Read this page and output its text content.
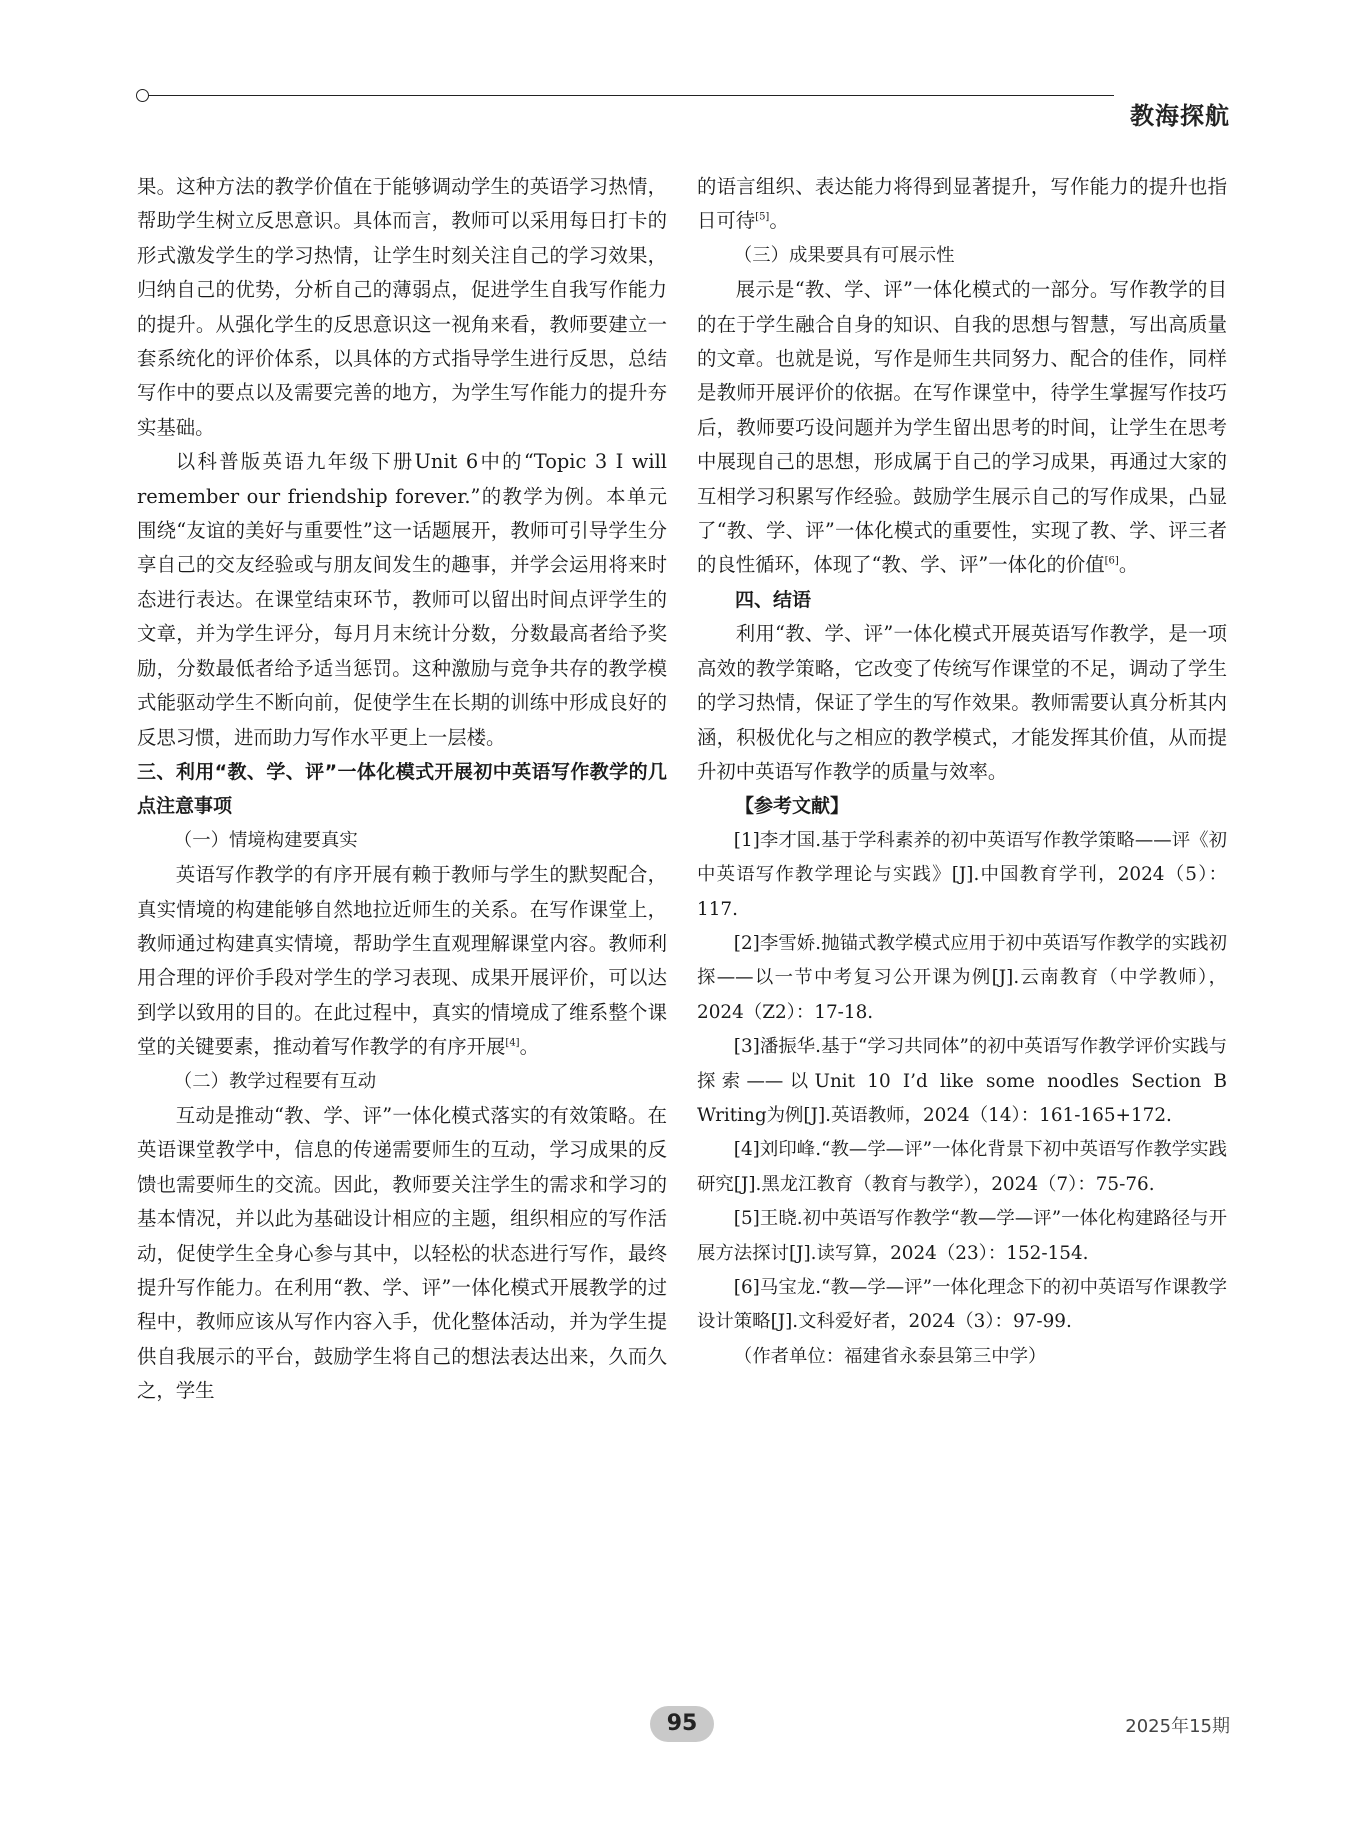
教海探航

果。这种方法的教学价值在于能够调动学生的英语学习热情，帮助学生树立反思意识。具体而言，教师可以采用每日打卡的形式激发学生的学习热情，让学生时刻关注自己的学习效果，归纳自己的优势，分析自己的薄弱点，促进学生自我写作能力的提升。从强化学生的反思意识这一视角来看，教师要建立一套系统化的评价体系，以具体的方式指导学生进行反思，总结写作中的要点以及需要完善的地方，为学生写作能力的提升夯实基础。

以科普版英语九年级下册Unit 6中的“Topic 3 I will remember our friendship forever.”的教学为例。本单元围绕“友谊的美好与重要性”这一话题展开，教师可引导学生分享自己的交友经验或与朋友间发生的趣事，并学会运用将来时态进行表达。在课堂结束环节，教师可以留出时间点评学生的文章，并为学生评分，每月月末统计分数，分数最高者给予奖励，分数最低者给予适当惩罚。这种激励与竞争共存的教学模式能驱动学生不断向前，促使学生在长期的训练中形成良好的反思习惯，进而助力写作水平更上一层楼。

三、利用“教、学、评”一体化模式开展初中英语写作教学的几点注意事项

（一）情境构建要真实

英语写作教学的有序开展有赖于教师与学生的默契配合，真实情境的构建能够自然地拉近师生的关系。在写作课堂上，教师通过构建真实情境，帮助学生直观理解课堂内容。教师利用合理的评价手段对学生的学习表现、成果开展评价，可以达到学以致用的目的。在此过程中，真实的情境成了维系整个课堂的关键要素，推动着写作教学的有序开展[4]。

（二）教学过程要有互动

互动是推动“教、学、评”一体化模式落实的有效策略。在英语课堂教学中，信息的传递需要师生的互动，学习成果的反馈也需要师生的交流。因此，教师要关注学生的需求和学习的基本情况，并以此为基础设计相应的主题，组织相应的写作活动，促使学生全身心参与其中，以轻松的状态进行写作，最终提升写作能力。在利用“教、学、评”一体化模式开展教学的过程中，教师应该从写作内容入手，优化整体活动，并为学生提供自我展示的平台，鼓励学生将自己的想法表达出来，久而久之，学生

的语言组织、表达能力将得到显著提升，写作能力的提升也指日可待[5]。

（三）成果要具有可展示性

展示是“教、学、评”一体化模式的一部分。写作教学的目的在于学生融合自身的知识、自我的思想与智慧，写出高质量的文章。也就是说，写作是师生共同努力、配合的佳作，同样是教师开展评价的依据。在写作课堂中，待学生掌握写作技巧后，教师要巧设问题并为学生留出思考的时间，让学生在思考中展现自己的思想，形成属于自己的学习成果，再通过大家的互相学习积累写作经验。鼓励学生展示自己的写作成果，凸显了“教、学、评”一体化模式的重要性，实现了教、学、评三者的良性循环，体现了“教、学、评”一体化的价值[6]。

四、结语

利用“教、学、评”一体化模式开展英语写作教学，是一项高效的教学策略，它改变了传统写作课堂的不足，调动了学生的学习热情，保证了学生的写作效果。教师需要认真分析其内涵，积极优化与之相应的教学模式，才能发挥其价值，从而提升初中英语写作教学的质量与效率。

【参考文献】

[1]李才国.基于学科素养的初中英语写作教学策略——评《初中英语写作教学理论与实践》[J].中国教育学刊，2024（5）：117.

[2]李雪娇.抛锚式教学模式应用于初中英语写作教学的实践初探——以一节中考复习公开课为例[J].云南教育（中学教师），2024（Z2）：17-18.

[3]潘振华.基于“学习共同体”的初中英语写作教学评价实践与探索——以Unit 10 I’d like some noodles Section B Writing为例[J].英语教师，2024（14）：161-165+172.

[4]刘印峰.“教—学—评”一体化背景下初中英语写作教学实践研究[J].黑龙江教育（教育与教学），2024（7）：75-76.

[5]王晓.初中英语写作教学“教—学—评”一体化构建路径与开展方法探讨[J].读写算，2024（23）：152-154.

[6]马宝龙.“教—学—评”一体化理念下的初中英语写作课教学设计策略[J].文科爱好者，2024（3）：97-99.

（作者单位：福建省永泰县第三中学）

95	2025年15期
